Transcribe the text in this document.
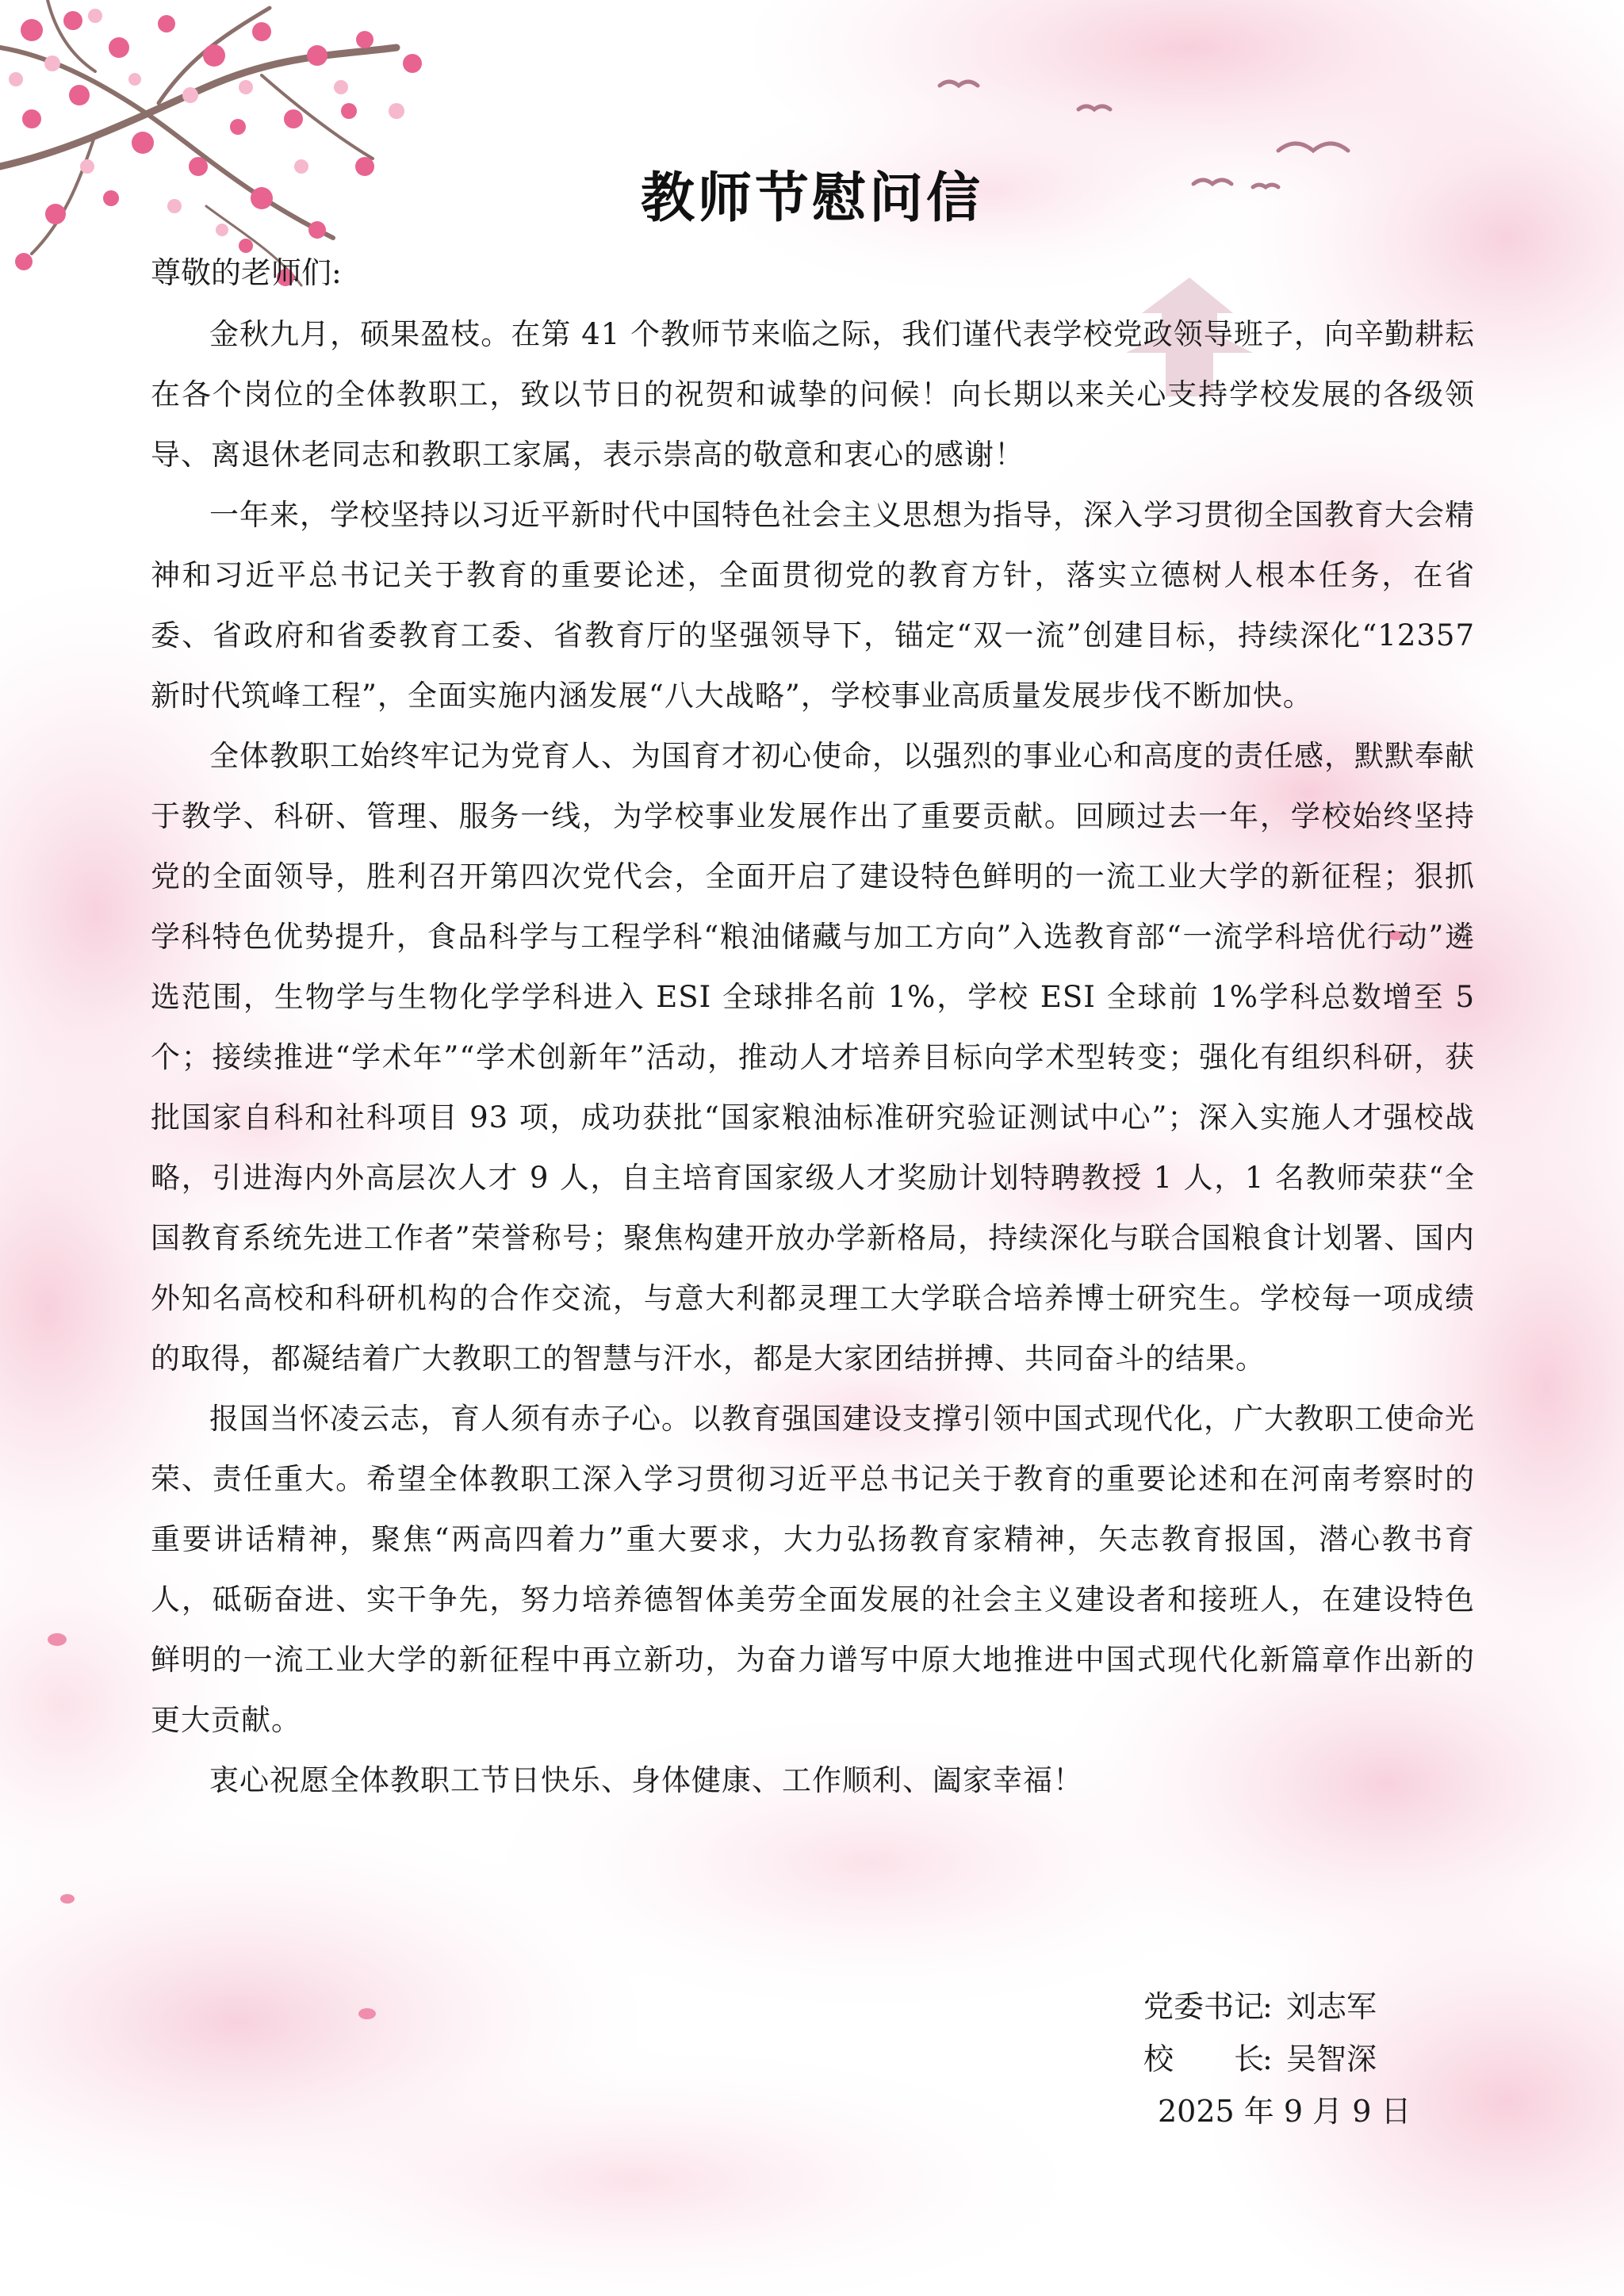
教师节慰问信
尊敬的老师们:

金秋九月，硕果盈枝。在第 41 个教师节来临之际，我们谨代表学校党政领导班子，向辛勤耕耘在各个岗位的全体教职工，致以节日的祝贺和诚挚的问候！向长期以来关心支持学校发展的各级领导、离退休老同志和教职工家属，表示崇高的敬意和衷心的感谢！

一年来，学校坚持以习近平新时代中国特色社会主义思想为指导，深入学习贯彻全国教育大会精神和习近平总书记关于教育的重要论述，全面贯彻党的教育方针，落实立德树人根本任务，在省委、省政府和省委教育工委、省教育厅的坚强领导下，锚定“双一流”创建目标，持续深化“12357 新时代筑峰工程”，全面实施内涵发展“八大战略”，学校事业高质量发展步伐不断加快。

全体教职工始终牢记为党育人、为国育才初心使命，以强烈的事业心和高度的责任感，默默奉献于教学、科研、管理、服务一线，为学校事业发展作出了重要贡献。回顾过去一年，学校始终坚持党的全面领导，胜利召开第四次党代会，全面开启了建设特色鲜明的一流工业大学的新征程；狠抓学科特色优势提升，食品科学与工程学科“粮油储藏与加工方向”入选教育部“一流学科培优行动”遴选范围，生物学与生物化学学科进入 ESI 全球排名前 1%，学校 ESI 全球前 1%学科总数增至 5 个；接续推进“学术年”“学术创新年”活动，推动人才培养目标向学术型转变；强化有组织科研，获批国家自科和社科项目 93 项，成功获批“国家粮油标准研究验证测试中心”；深入实施人才强校战略，引进海内外高层次人才 9 人，自主培育国家级人才奖励计划特聘教授 1 人，1 名教师荣获“全国教育系统先进工作者”荣誉称号；聚焦构建开放办学新格局，持续深化与联合国粮食计划署、国内外知名高校和科研机构的合作交流，与意大利都灵理工大学联合培养博士研究生。学校每一项成绩的取得，都凝结着广大教职工的智慧与汗水，都是大家团结拼搏、共同奋斗的结果。

报国当怀凌云志，育人须有赤子心。以教育强国建设支撑引领中国式现代化，广大教职工使命光荣、责任重大。希望全体教职工深入学习贯彻习近平总书记关于教育的重要论述和在河南考察时的重要讲话精神，聚焦“两高四着力”重大要求，大力弘扬教育家精神，矢志教育报国，潜心教书育人，砥砺奋进、实干争先，努力培养德智体美劳全面发展的社会主义建设者和接班人，在建设特色鲜明的一流工业大学的新征程中再立新功，为奋力谱写中原大地推进中国式现代化新篇章作出新的更大贡献。

衷心祝愿全体教职工节日快乐、身体健康、工作顺利、阖家幸福！

党委书记
: 刘志军
校　　长
: 吴智深
2025 年 9 月 9 日
